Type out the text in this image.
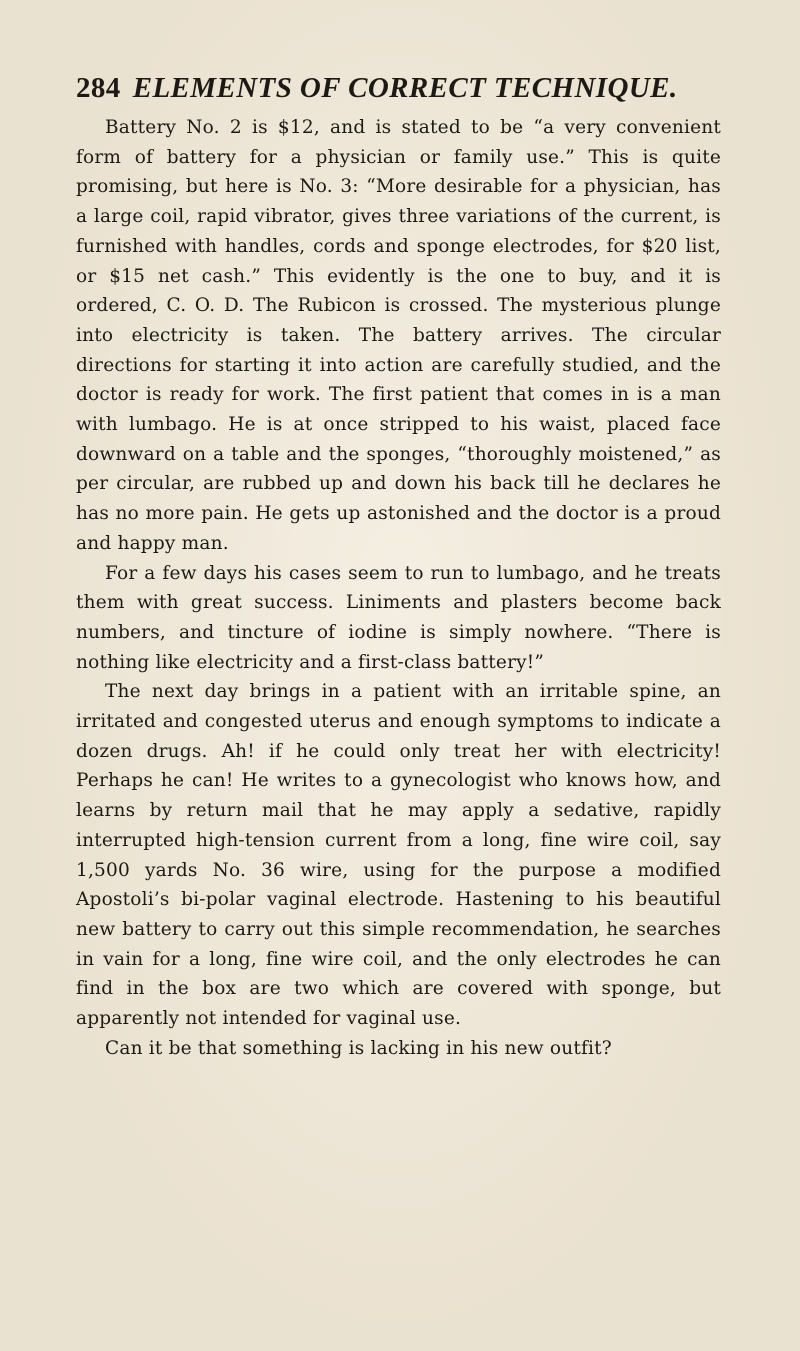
284 ELEMENTS OF CORRECT TECHNIQUE.

Battery No. 2 is $12, and is stated to be “a very convenient form of battery for a physician or family use.” This is quite promising, but here is No. 3: “More desirable for a physician, has a large coil, rapid vibrator, gives three variations of the current, is furnished with handles, cords and sponge electrodes, for $20 list, or $15 net cash.” This evidently is the one to buy, and it is ordered, C. O. D. The Rubicon is crossed. The mysterious plunge into electricity is taken. The battery arrives. The circular directions for starting it into action are carefully studied, and the doctor is ready for work. The first patient that comes in is a man with lumbago. He is at once stripped to his waist, placed face downward on a table and the sponges, “thoroughly moistened,” as per circular, are rubbed up and down his back till he declares he has no more pain. He gets up astonished and the doctor is a proud and happy man.

For a few days his cases seem to run to lumbago, and he treats them with great success. Liniments and plasters become back numbers, and tincture of iodine is simply nowhere. “There is nothing like electricity and a first-class battery!”

The next day brings in a patient with an irritable spine, an irritated and congested uterus and enough symptoms to indicate a dozen drugs. Ah! if he could only treat her with electricity! Perhaps he can! He writes to a gynecologist who knows how, and learns by return mail that he may apply a sedative, rapidly interrupted high-tension current from a long, fine wire coil, say 1,500 yards No. 36 wire, using for the purpose a modified Apostoli’s bi-polar vaginal electrode. Hastening to his beautiful new battery to carry out this simple recommendation, he searches in vain for a long, fine wire coil, and the only electrodes he can find in the box are two which are covered with sponge, but apparently not intended for vaginal use.

Can it be that something is lacking in his new outfit?
